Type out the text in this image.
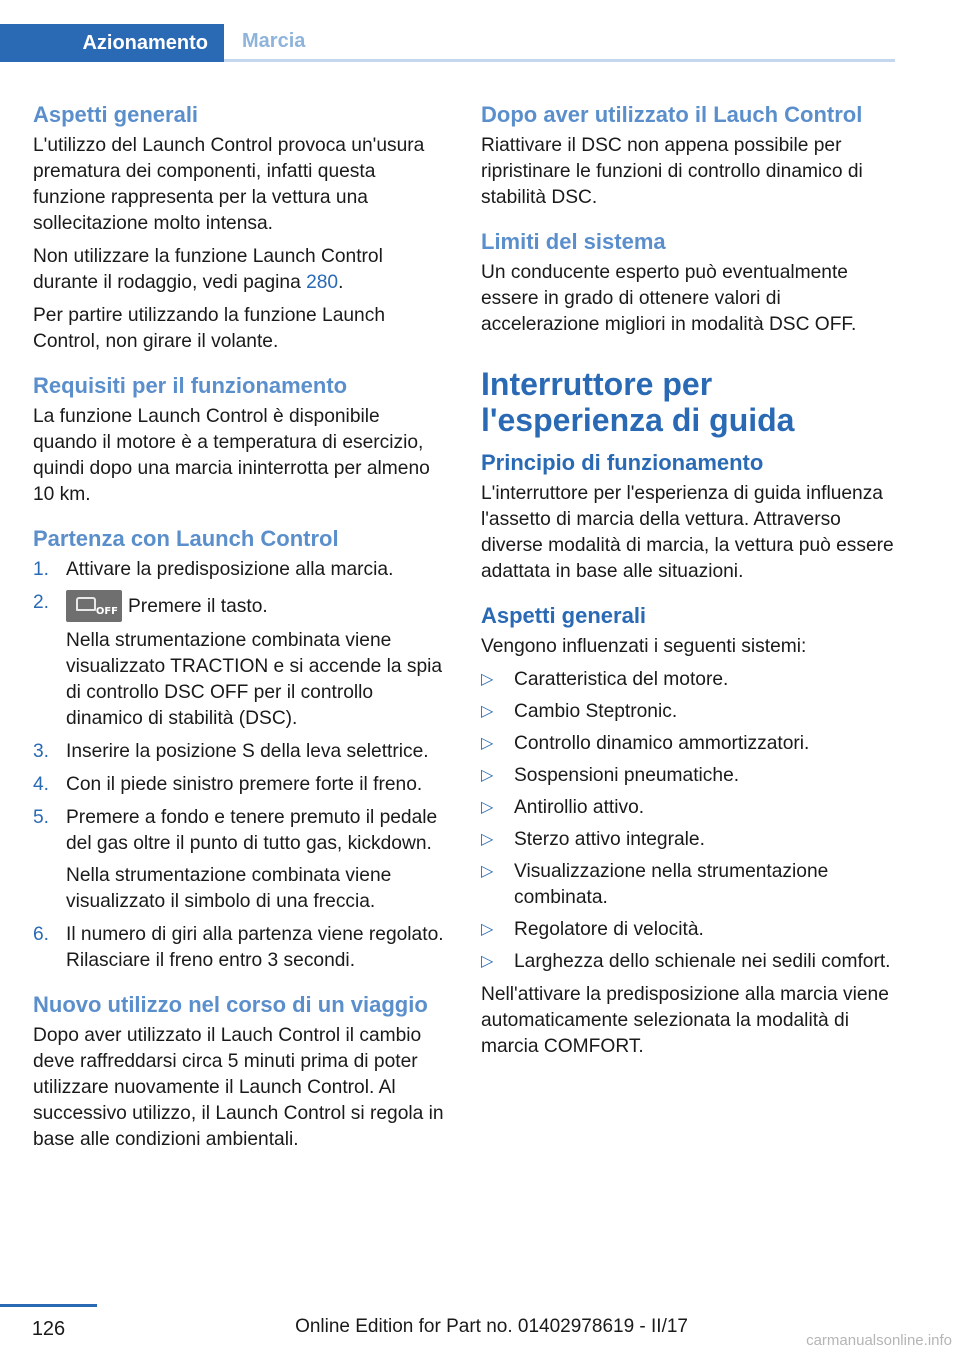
Azionamento	Marcia
Aspetti generali

L'utilizzo del Launch Control provoca un'usura prematura dei componenti, infatti questa funzione rappresenta per la vettura una sollecitazione molto intensa.

Non utilizzare la funzione Launch Control durante il rodaggio, vedi pagina 280.

Per partire utilizzando la funzione Launch Control, non girare il volante.

Requisiti per il funzionamento

La funzione Launch Control è disponibile quando il motore è a temperatura di esercizio, quindi dopo una marcia ininterrotta per almeno 10 km.

Partenza con Launch Control
1. Attivare la predisposizione alla marcia.

2.	OFF Premere il tasto.

Nella strumentazione combinata viene visualizzato TRACTION e si accende la spia di controllo DSC OFF per il controllo dinamico di stabilità (DSC).

3. Inserire la posizione S della leva selettrice.

4. Con il piede sinistro premere forte il freno.

5. Premere a fondo e tenere premuto il pedale del gas oltre il punto di tutto gas, kickdown.

Nella strumentazione combinata viene visualizzato il simbolo di una freccia.

6. Il numero di giri alla partenza viene regolato. Rilasciare il freno entro 3 secondi.

Nuovo utilizzo nel corso di un viaggio

Dopo aver utilizzato il Lauch Control il cambio deve raffreddarsi circa 5 minuti prima di poter utilizzare nuovamente il Launch Control. Al successivo utilizzo, il Launch Control si regola in base alle condizioni ambientali.

Dopo aver utilizzato il Lauch Control

Riattivare il DSC non appena possibile per ripristinare le funzioni di controllo dinamico di stabilità DSC.

Limiti del sistema

Un conducente esperto può eventualmente essere in grado di ottenere valori di accelerazione migliori in modalità DSC OFF.

Interruttore per l'esperienza di guida
Principio di funzionamento

L'interruttore per l'esperienza di guida influenza l'assetto di marcia della vettura. Attraverso diverse modalità di marcia, la vettura può essere adattata in base alle situazioni.

Aspetti generali

Vengono influenzati i seguenti sistemi:

▷ Caratteristica del motore.
▷ Cambio Steptronic.
▷ Controllo dinamico ammortizzatori.
▷ Sospensioni pneumatiche.
▷ Antirollio attivo.
▷ Sterzo attivo integrale.
▷ Visualizzazione nella strumentazione combinata.
▷ Regolatore di velocità.
▷ Larghezza dello schienale nei sedili comfort.

Nell'attivare la predisposizione alla marcia viene automaticamente selezionata la modalità di marcia COMFORT.

126	Online Edition for Part no. 01402978619 - II/17
carmanualsonline.info
